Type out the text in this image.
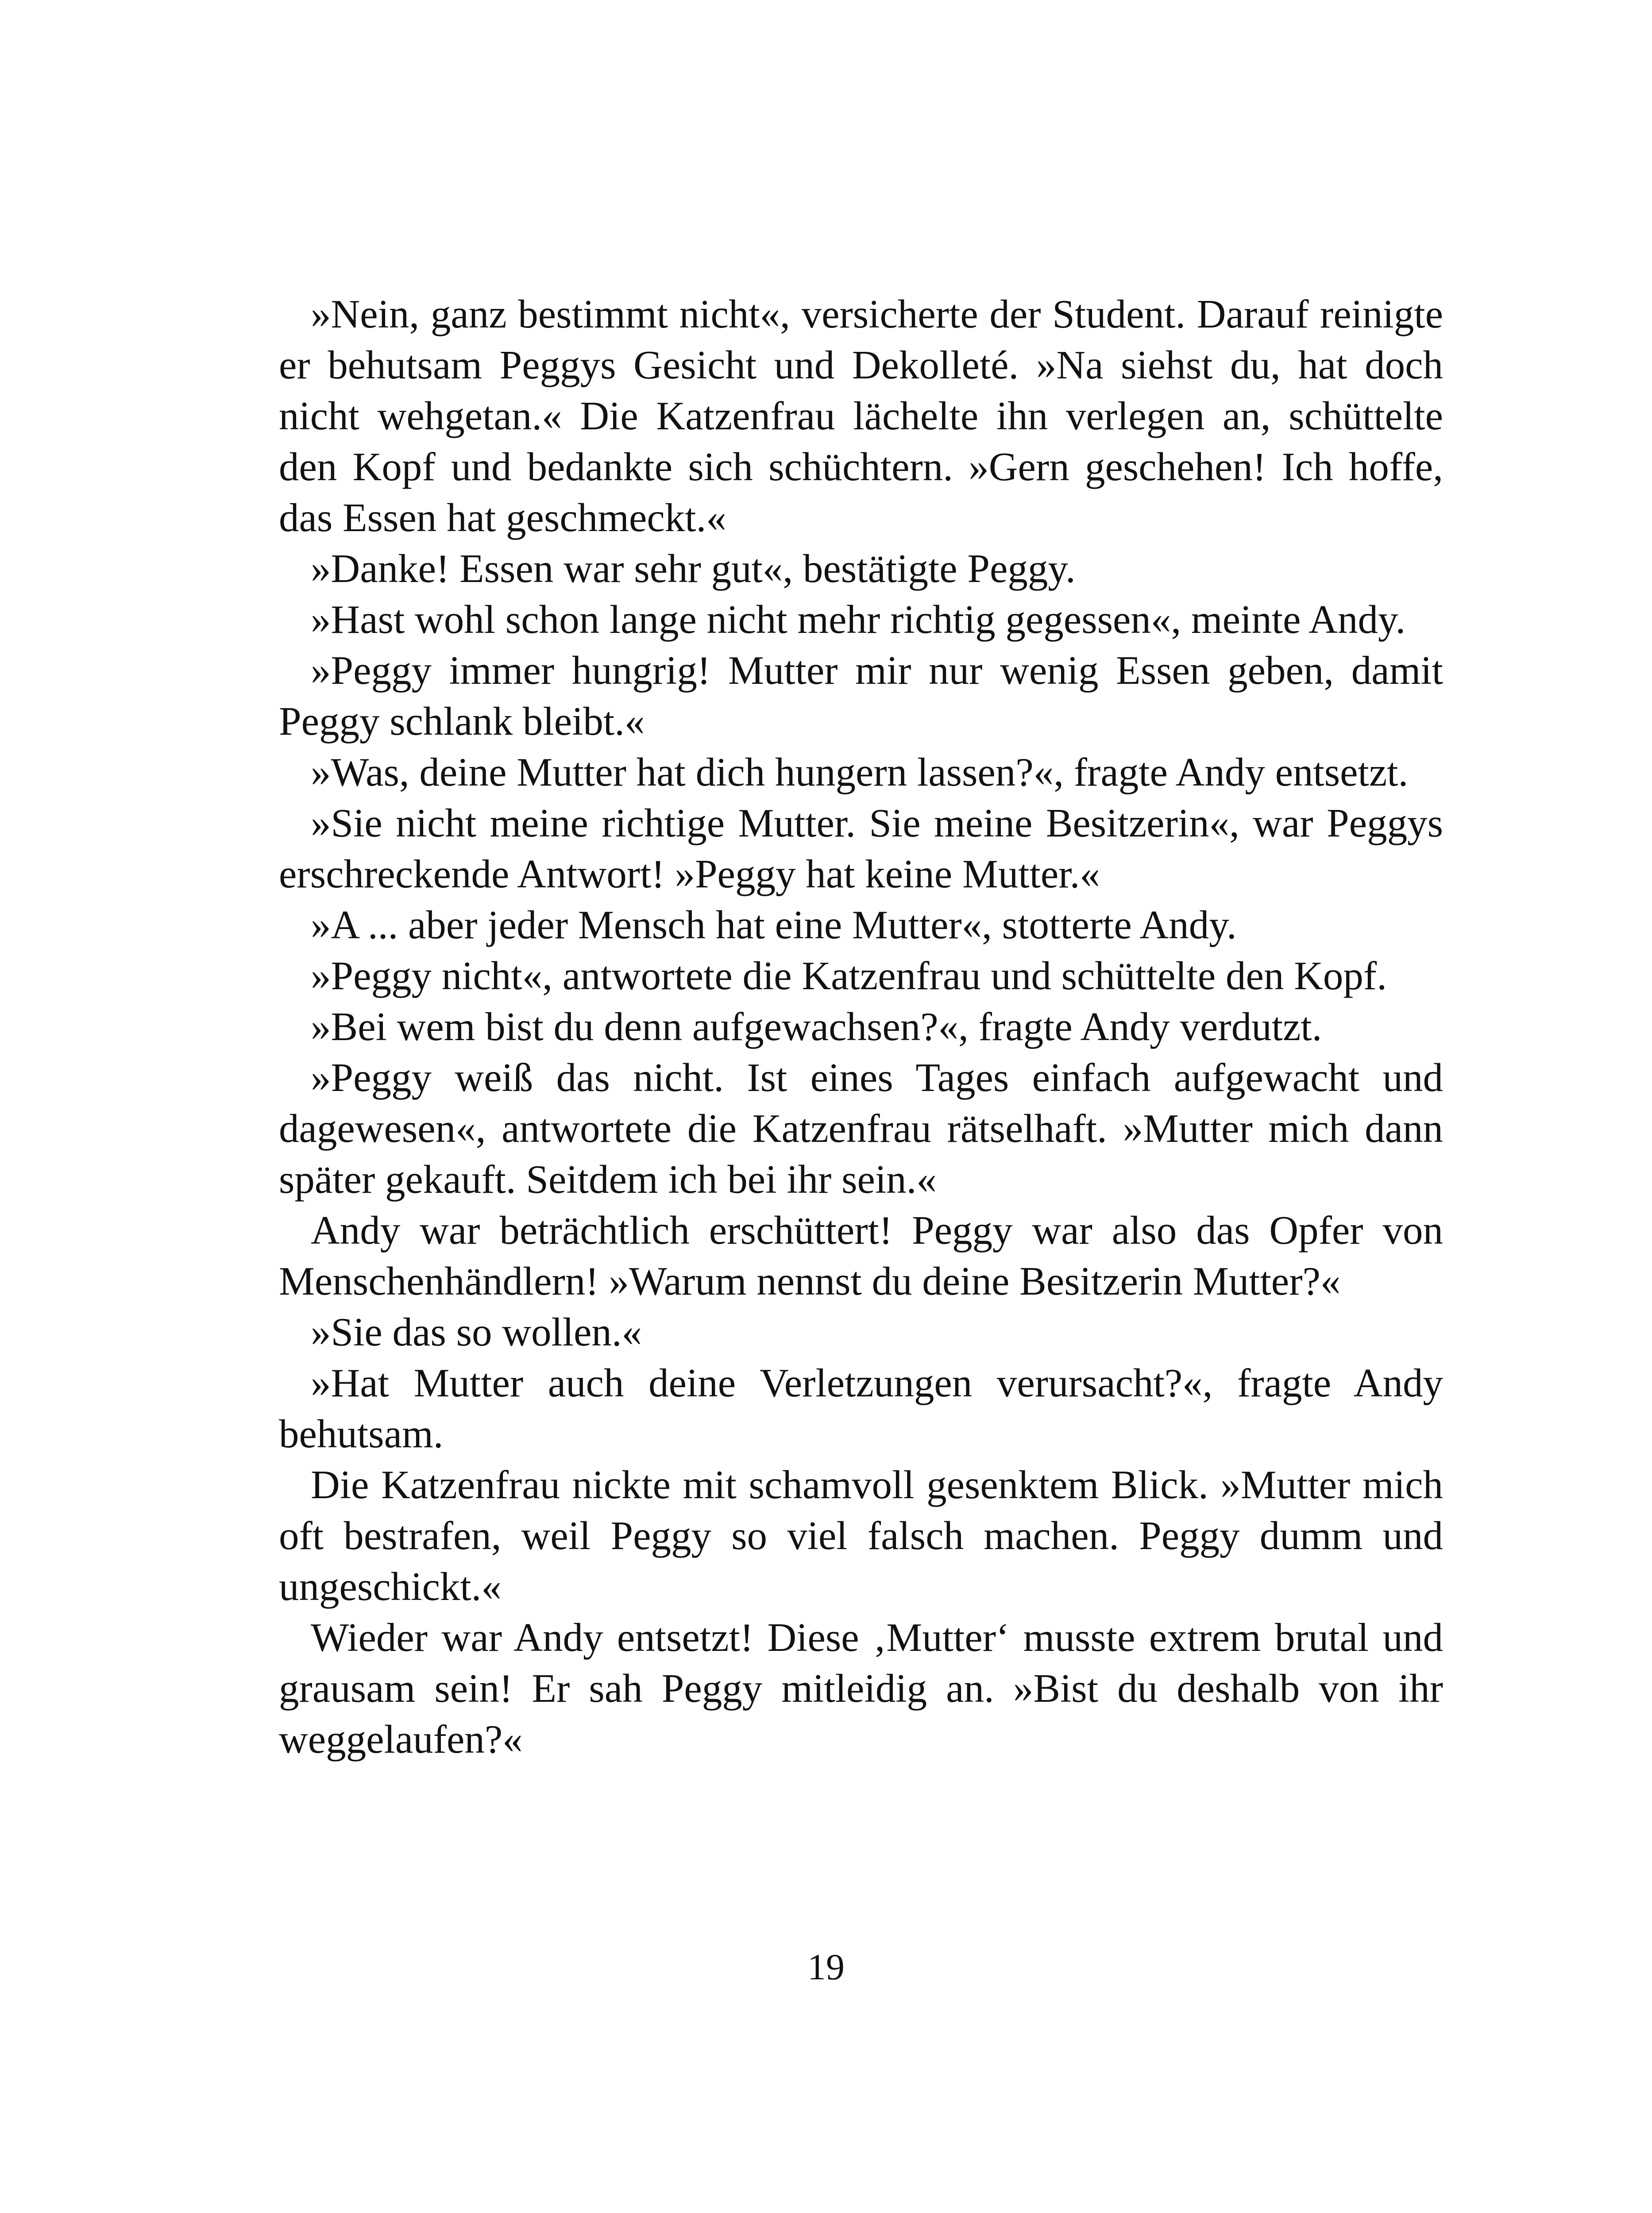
»Nein, ganz bestimmt nicht«, versicherte der Student. Darauf reinigte er behutsam Peggys Gesicht und Dekolleté. »Na siehst du, hat doch nicht wehgetan.« Die Katzenfrau lächelte ihn verlegen an, schüttelte den Kopf und bedankte sich schüchtern. »Gern geschehen! Ich hoffe, das Essen hat geschmeckt.«

»Danke! Essen war sehr gut«, bestätigte Peggy.

»Hast wohl schon lange nicht mehr richtig gegessen«, meinte Andy.

»Peggy immer hungrig! Mutter mir nur wenig Essen geben, damit Peggy schlank bleibt.«

»Was, deine Mutter hat dich hungern lassen?«, fragte Andy entsetzt.

»Sie nicht meine richtige Mutter. Sie meine Besitzerin«, war Peggys erschreckende Antwort! »Peggy hat keine Mutter.«

»A ... aber jeder Mensch hat eine Mutter«, stotterte Andy.

»Peggy nicht«, antwortete die Katzenfrau und schüttelte den Kopf.

»Bei wem bist du denn aufgewachsen?«, fragte Andy verdutzt.

»Peggy weiß das nicht. Ist eines Tages einfach aufgewacht und dagewesen«, antwortete die Katzenfrau rätselhaft. »Mutter mich dann später gekauft. Seitdem ich bei ihr sein.«

Andy war beträchtlich erschüttert! Peggy war also das Opfer von Menschenhändlern! »Warum nennst du deine Besitzerin Mutter?«

»Sie das so wollen.«

»Hat Mutter auch deine Verletzungen verursacht?«, fragte Andy behutsam.

Die Katzenfrau nickte mit schamvoll gesenktem Blick. »Mutter mich oft bestrafen, weil Peggy so viel falsch machen. Peggy dumm und ungeschickt.«

Wieder war Andy entsetzt! Diese ‚Mutter‘ musste extrem brutal und grausam sein! Er sah Peggy mitleidig an. »Bist du deshalb von ihr weggelaufen?«

19
